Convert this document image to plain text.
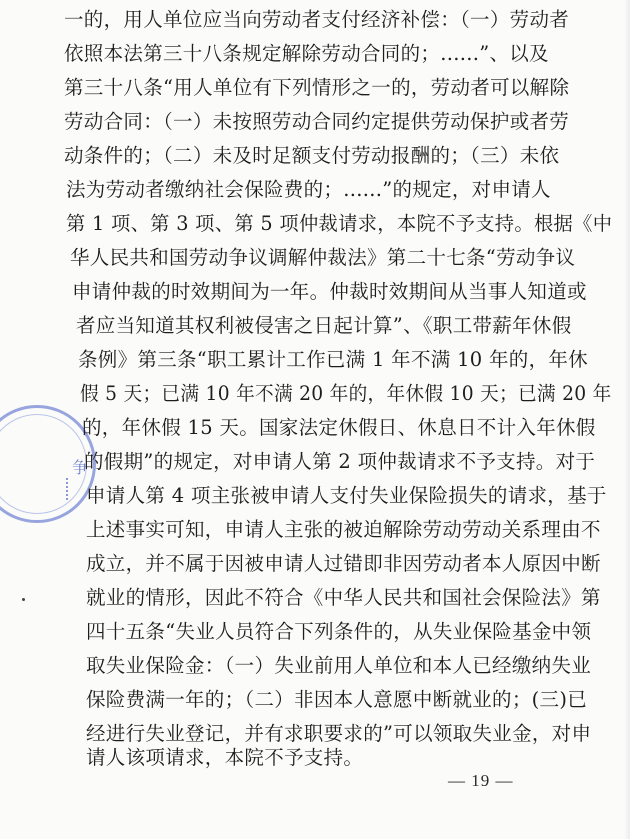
争
一的，用人单位应当向劳动者支付经济补偿：（一）劳动者
依照本法第三十八条规定解除劳动合同的；......”、以及
第三十八条“用人单位有下列情形之一的，劳动者可以解除
劳动合同：（一）未按照劳动合同约定提供劳动保护或者劳
动条件的；（二）未及时足额支付劳动报酬的；（三）未依
法为劳动者缴纳社会保险费的；......”的规定，对申请人
第 1 项、第 3 项、第 5 项仲裁请求，本院不予支持。根据《中
华人民共和国劳动争议调解仲裁法》第二十七条“劳动争议
申请仲裁的时效期间为一年。仲裁时效期间从当事人知道或
者应当知道其权利被侵害之日起计算”、《职工带薪年休假
条例》第三条“职工累计工作已满 1 年不满 10 年的，年休
假 5 天；已满 10 年不满 20 年的，年休假 10 天；已满 20 年
的，年休假 15 天。国家法定休假日、休息日不计入年休假
的假期”的规定，对申请人第 2 项仲裁请求不予支持。对于
申请人第 4 项主张被申请人支付失业保险损失的请求，基于
上述事实可知，申请人主张的被迫解除劳动劳动关系理由不
成立，并不属于因被申请人过错即非因劳动者本人原因中断
就业的情形，因此不符合《中华人民共和国社会保险法》第
四十五条“失业人员符合下列条件的，从失业保险基金中领
取失业保险金：（一）失业前用人单位和本人已经缴纳失业
保险费满一年的；（二）非因本人意愿中断就业的；(三)已
经进行失业登记，并有求职要求的”可以领取失业金，对申
请人该项请求，本院不予支持。
— 19 —
